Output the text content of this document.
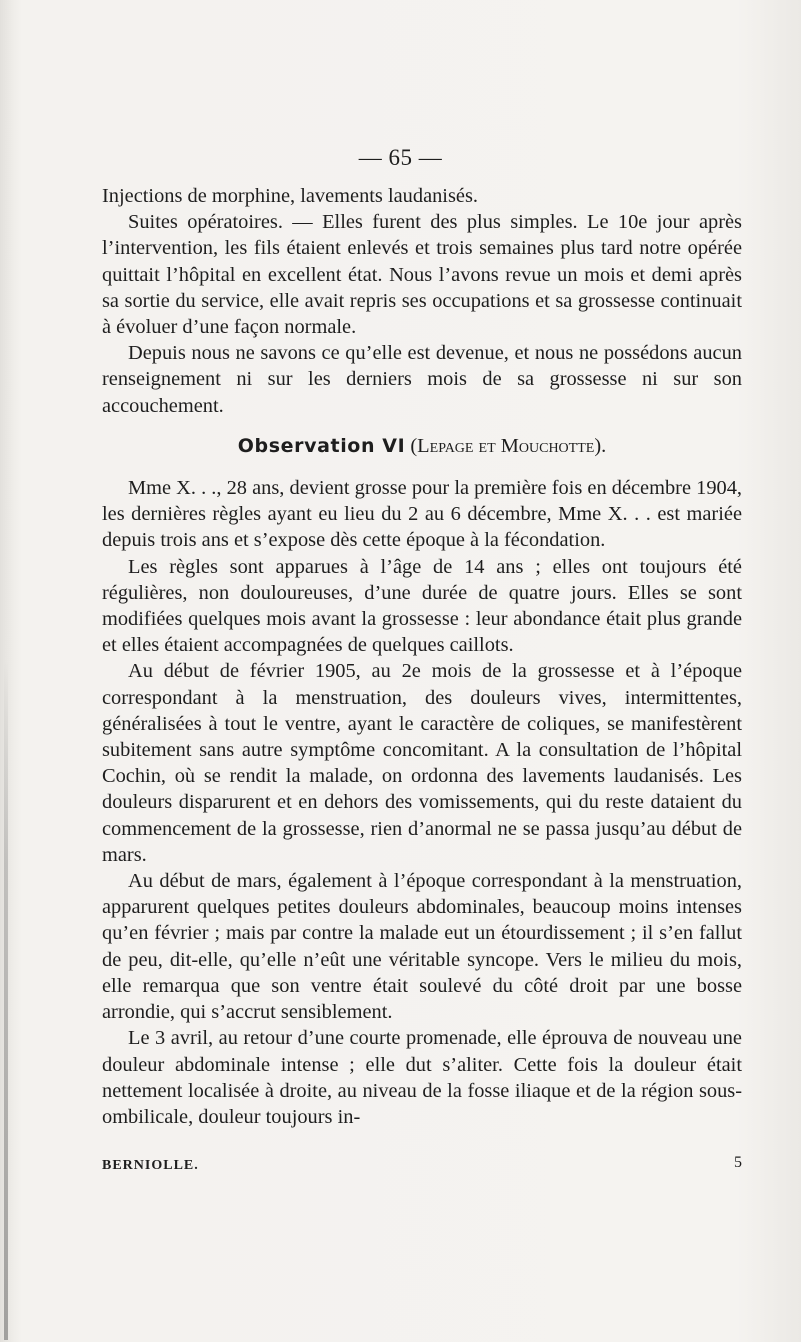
— 65 —

Injections de morphine, lavements laudanisés.

Suites opératoires. — Elles furent des plus simples. Le 10e jour après l’intervention, les fils étaient enlevés et trois semaines plus tard notre opérée quittait l’hôpital en excellent état. Nous l’avons revue un mois et demi après sa sortie du service, elle avait repris ses occupations et sa grossesse continuait à évoluer d’une façon normale.

Depuis nous ne savons ce qu’elle est devenue, et nous ne possédons aucun renseignement ni sur les derniers mois de sa grossesse ni sur son accouchement.

Observation VI (Lepage et Mouchotte).

Mme X. . ., 28 ans, devient grosse pour la première fois en décembre 1904, les dernières règles ayant eu lieu du 2 au 6 décembre, Mme X. . . est mariée depuis trois ans et s’expose dès cette époque à la fécondation.

Les règles sont apparues à l’âge de 14 ans ; elles ont toujours été régulières, non douloureuses, d’une durée de quatre jours. Elles se sont modifiées quelques mois avant la grossesse : leur abondance était plus grande et elles étaient accompagnées de quelques caillots.

Au début de février 1905, au 2e mois de la grossesse et à l’époque correspondant à la menstruation, des douleurs vives, intermittentes, généralisées à tout le ventre, ayant le caractère de coliques, se manifestèrent subitement sans autre symptôme concomitant. A la consultation de l’hôpital Cochin, où se rendit la malade, on ordonna des lavements laudanisés. Les douleurs disparurent et en dehors des vomissements, qui du reste dataient du commencement de la grossesse, rien d’anormal ne se passa jusqu’au début de mars.

Au début de mars, également à l’époque correspondant à la menstruation, apparurent quelques petites douleurs abdominales, beaucoup moins intenses qu’en février ; mais par contre la malade eut un étourdissement ; il s’en fallut de peu, dit-elle, qu’elle n’eût une véritable syncope. Vers le milieu du mois, elle remarqua que son ventre était soulevé du côté droit par une bosse arrondie, qui s’accrut sensiblement.

Le 3 avril, au retour d’une courte promenade, elle éprouva de nouveau une douleur abdominale intense ; elle dut s’aliter. Cette fois la douleur était nettement localisée à droite, au niveau de la fosse iliaque et de la région sous-ombilicale, douleur toujours in-

BERNIOLLE.	5
